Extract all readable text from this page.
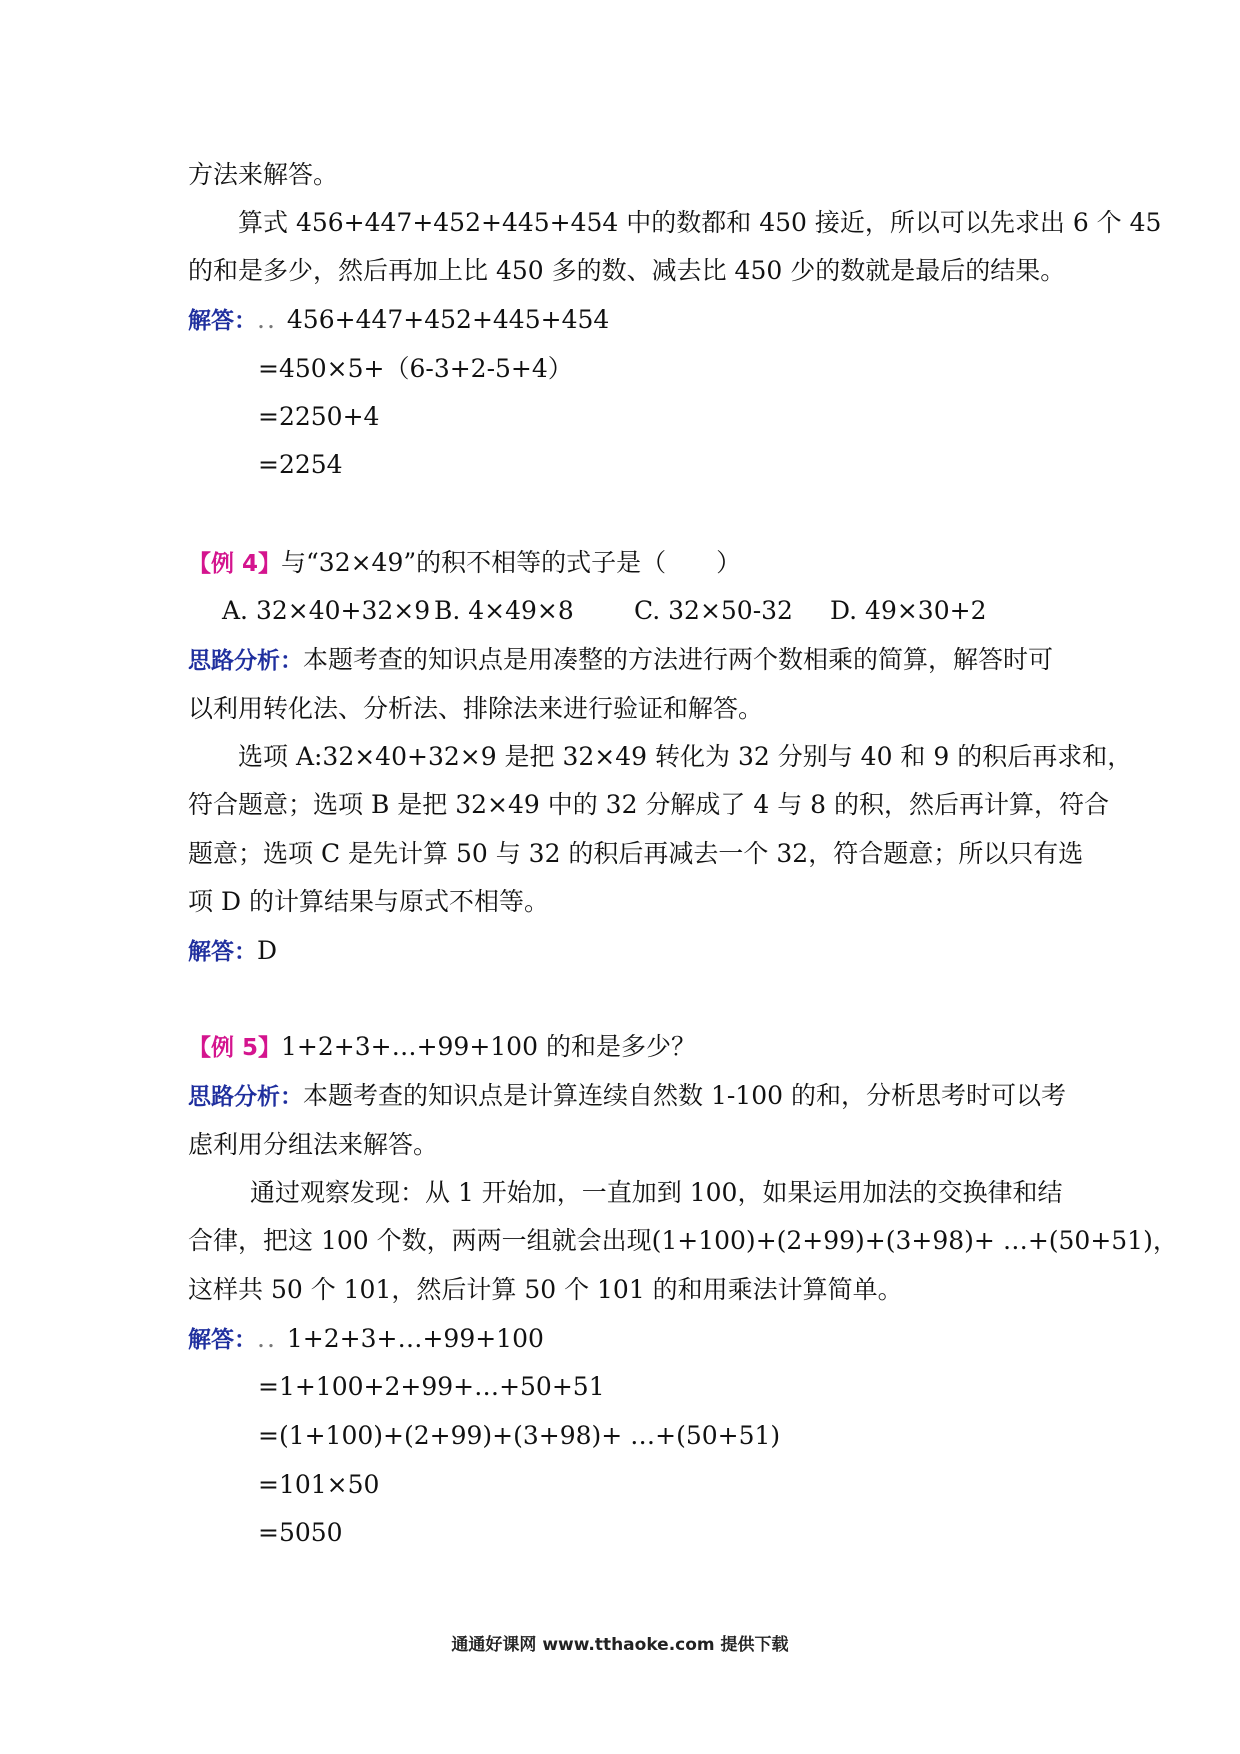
方法来解答。
算式 456+447+452+445+454 中的数都和 450 接近，所以可以先求出 6 个 45
的和是多少，然后再加上比 450 多的数、减去比 450 少的数就是最后的结果。
解答：.. 456+447+452+445+454
=450×5+（6-3+2-5+4）
=2250+4
=2254
【例 4】与“32×49”的积不相等的式子是（　　）
A. 32×40+32×9 B. 4×49×8 C. 32×50-32 D. 49×30+2
思路分析：本题考查的知识点是用凑整的方法进行两个数相乘的简算，解答时可
以利用转化法、分析法、排除法来进行验证和解答。
选项 A:32×40+32×9 是把 32×49 转化为 32 分别与 40 和 9 的积后再求和，
符合题意；选项 B 是把 32×49 中的 32 分解成了 4 与 8 的积，然后再计算，符合
题意；选项 C 是先计算 50 与 32 的积后再减去一个 32，符合题意；所以只有选
项 D 的计算结果与原式不相等。
解答：D
【例 5】1+2+3+…+99+100 的和是多少？
思路分析：本题考查的知识点是计算连续自然数 1-100 的和，分析思考时可以考
虑利用分组法来解答。
通过观察发现：从 1 开始加，一直加到 100，如果运用加法的交换律和结
合律，把这 100 个数，两两一组就会出现(1+100)+(2+99)+(3+98)+ …+(50+51)，
这样共 50 个 101，然后计算 50 个 101 的和用乘法计算简单。
解答：.. 1+2+3+…+99+100
=1+100+2+99+…+50+51
=(1+100)+(2+99)+(3+98)+ …+(50+51)
=101×50
=5050
通通好课网 www.tthaoke.com 提供下载
